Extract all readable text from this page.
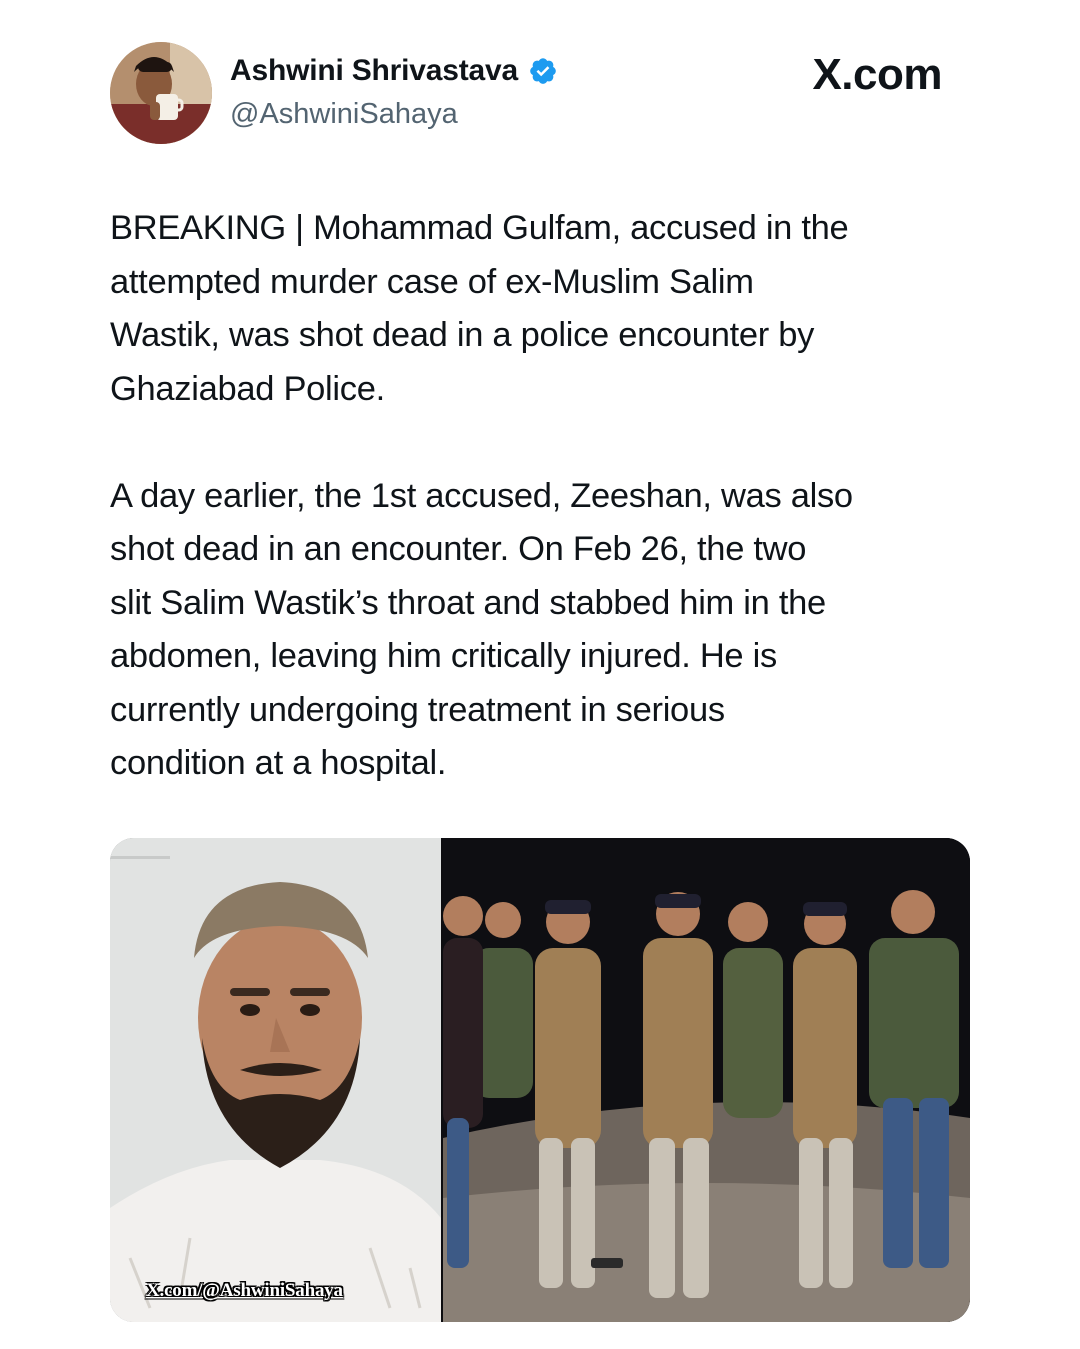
Ashwini Shrivastava
@AshwiniSahaya
X.com

BREAKING | Mohammad Gulfam, accused in the
attempted murder case of ex-Muslim Salim
Wastik, was shot dead in a police encounter by
Ghaziabad Police.

A day earlier, the 1st accused, Zeeshan, was also
shot dead in an encounter. On Feb 26, the two
slit Salim Wastik’s throat and stabbed him in the
abdomen, leaving him critically injured. He is
currently undergoing treatment in serious
condition at a hospital.

X.com/@AshwiniSahaya
